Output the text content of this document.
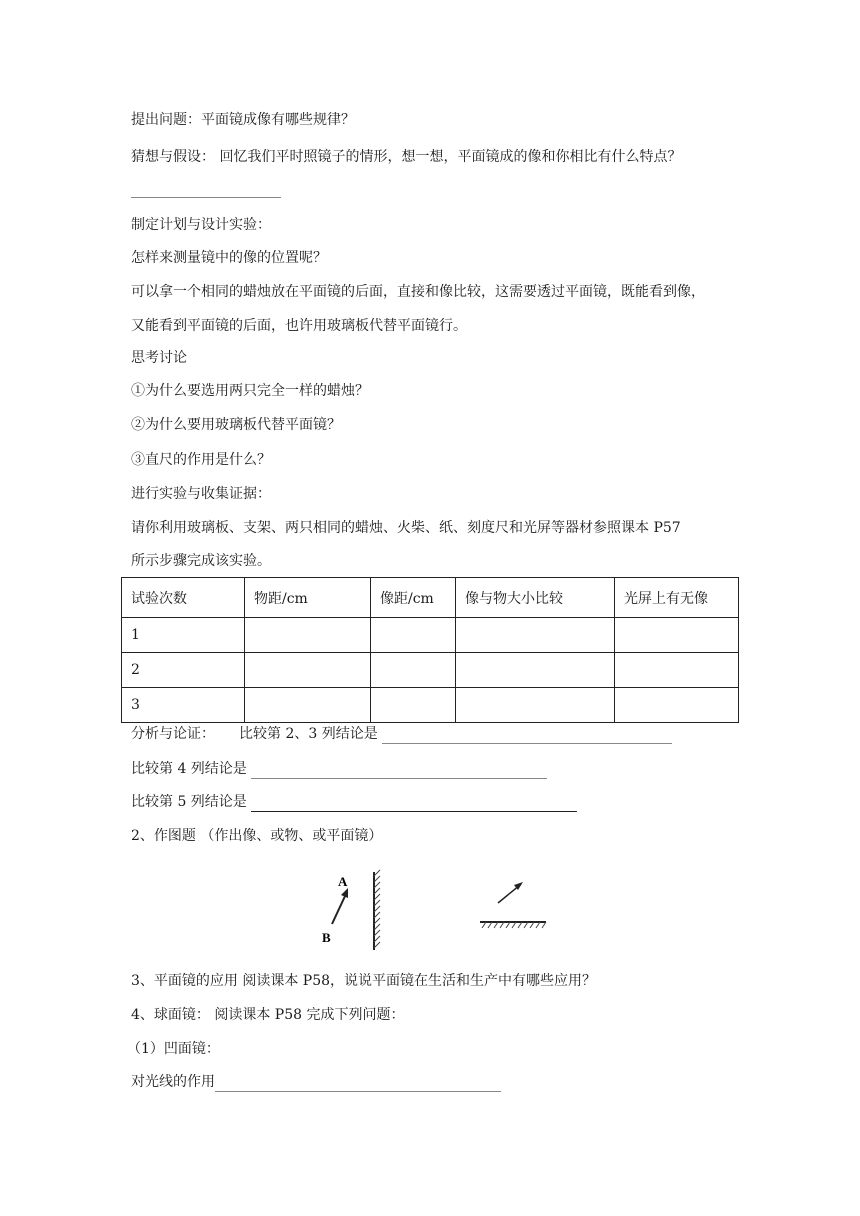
提出问题：平面镜成像有哪些规律？
猜想与假设： 回忆我们平时照镜子的情形，想一想，平面镜成的像和你相比有什么特点？
制定计划与设计实验：
怎样来测量镜中的像的位置呢？
可以拿一个相同的蜡烛放在平面镜的后面，直接和像比较，这需要透过平面镜，既能看到像，
又能看到平面镜的后面，也许用玻璃板代替平面镜行。
思考讨论
①为什么要选用两只完全一样的蜡烛？
②为什么要用玻璃板代替平面镜？
③直尺的作用是什么？
进行实验与收集证据：
请你利用玻璃板、支架、两只相同的蜡烛、火柴、纸、刻度尺和光屏等器材参照课本 P57
所示步骤完成该实验。
试验次数	物距/cm	像距/cm	像与物大小比较	光屏上有无像
1				
2				
3				
分析与论证： 比较第 2、3 列结论是
比较第 4 列结论是
比较第 5 列结论是
2、作图题 （作出像、或物、或平面镜）
A
B
3、平面镜的应用 阅读课本 P58，说说平面镜在生活和生产中有哪些应用？
4、球面镜： 阅读课本 P58 完成下列问题：
（1）凹面镜：
对光线的作用
